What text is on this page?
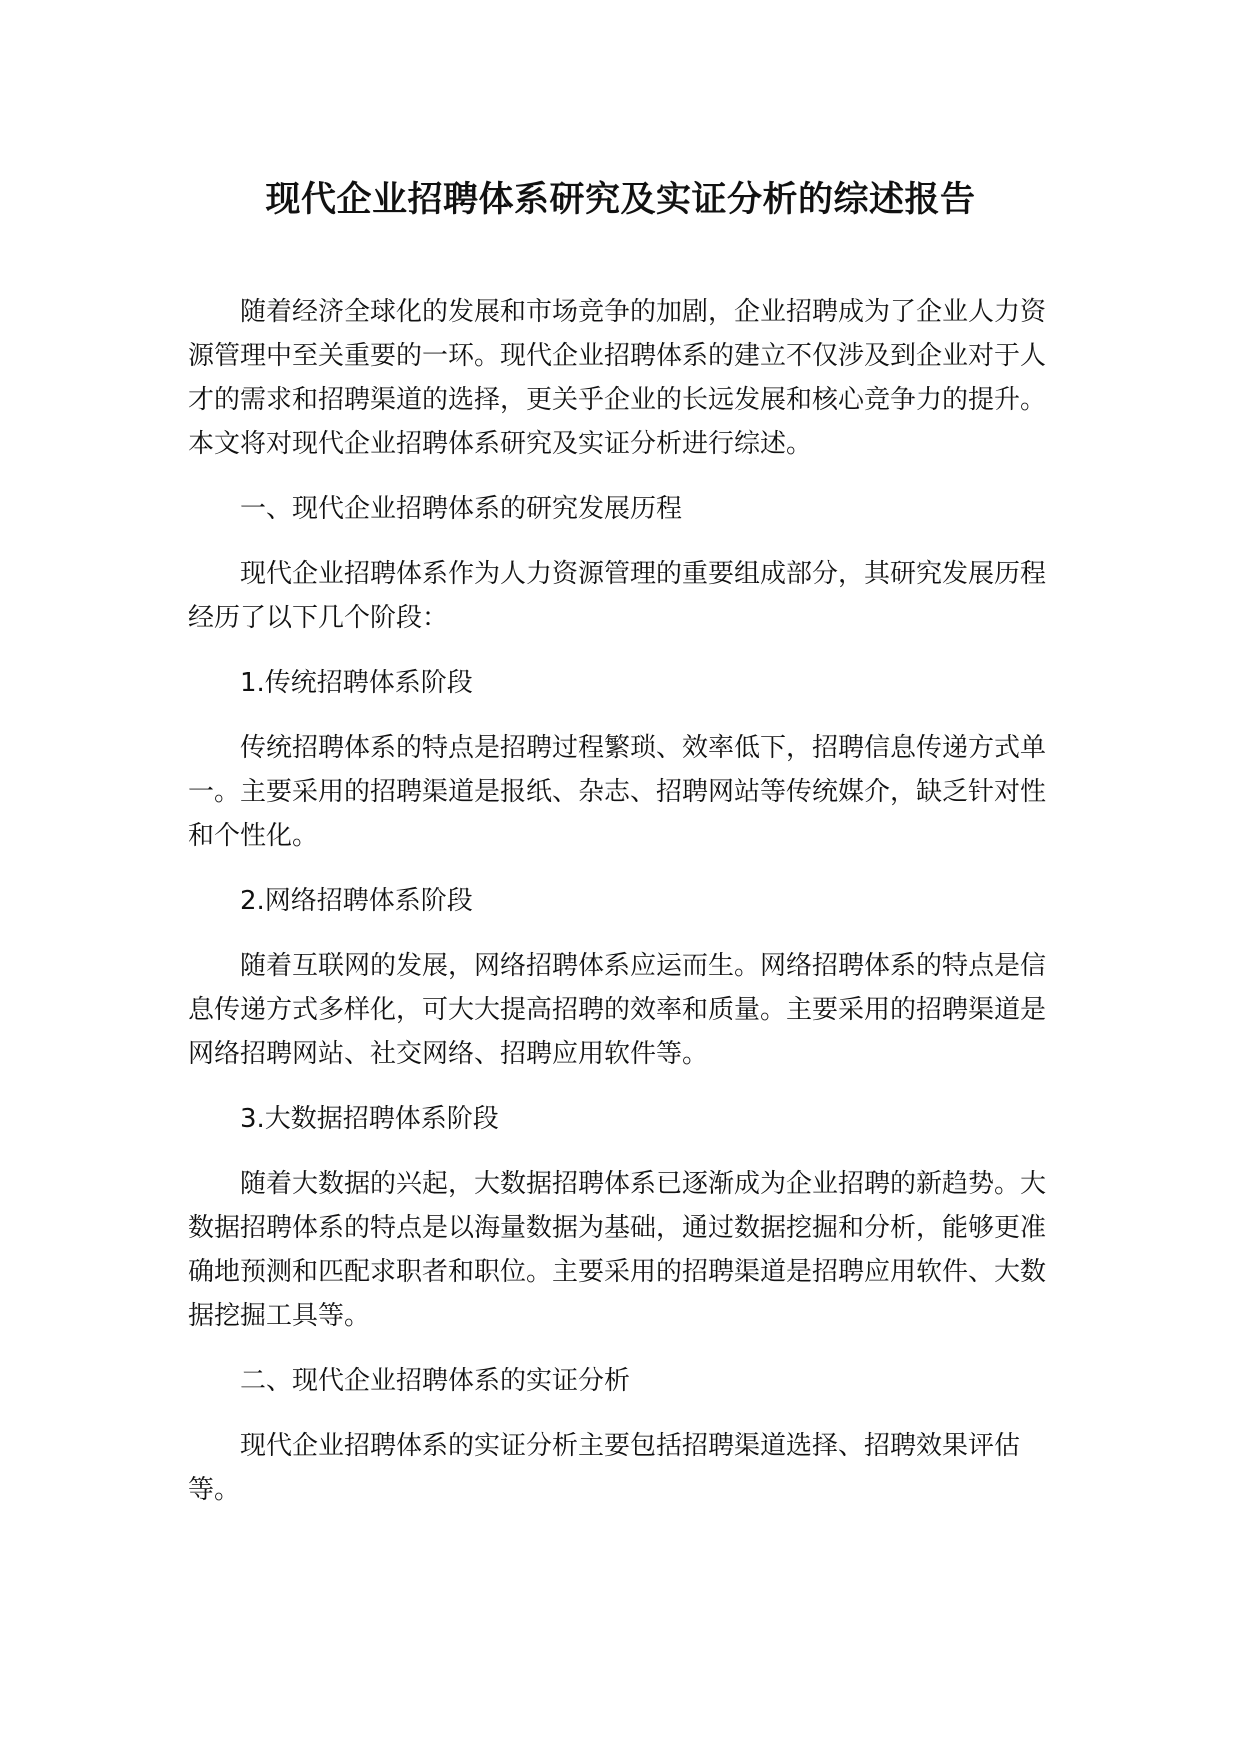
现代企业招聘体系研究及实证分析的综述报告

随着经济全球化的发展和市场竞争的加剧，企业招聘成为了企业人力资源管理中至关重要的一环。现代企业招聘体系的建立不仅涉及到企业对于人才的需求和招聘渠道的选择，更关乎企业的长远发展和核心竞争力的提升。本文将对现代企业招聘体系研究及实证分析进行综述。

一、现代企业招聘体系的研究发展历程

现代企业招聘体系作为人力资源管理的重要组成部分，其研究发展历程经历了以下几个阶段：

1.传统招聘体系阶段

传统招聘体系的特点是招聘过程繁琐、效率低下，招聘信息传递方式单一。主要采用的招聘渠道是报纸、杂志、招聘网站等传统媒介，缺乏针对性和个性化。

2.网络招聘体系阶段

随着互联网的发展，网络招聘体系应运而生。网络招聘体系的特点是信息传递方式多样化，可大大提高招聘的效率和质量。主要采用的招聘渠道是网络招聘网站、社交网络、招聘应用软件等。

3.大数据招聘体系阶段

随着大数据的兴起，大数据招聘体系已逐渐成为企业招聘的新趋势。大数据招聘体系的特点是以海量数据为基础，通过数据挖掘和分析，能够更准确地预测和匹配求职者和职位。主要采用的招聘渠道是招聘应用软件、大数据挖掘工具等。

二、现代企业招聘体系的实证分析

现代企业招聘体系的实证分析主要包括招聘渠道选择、招聘效果评估等。
